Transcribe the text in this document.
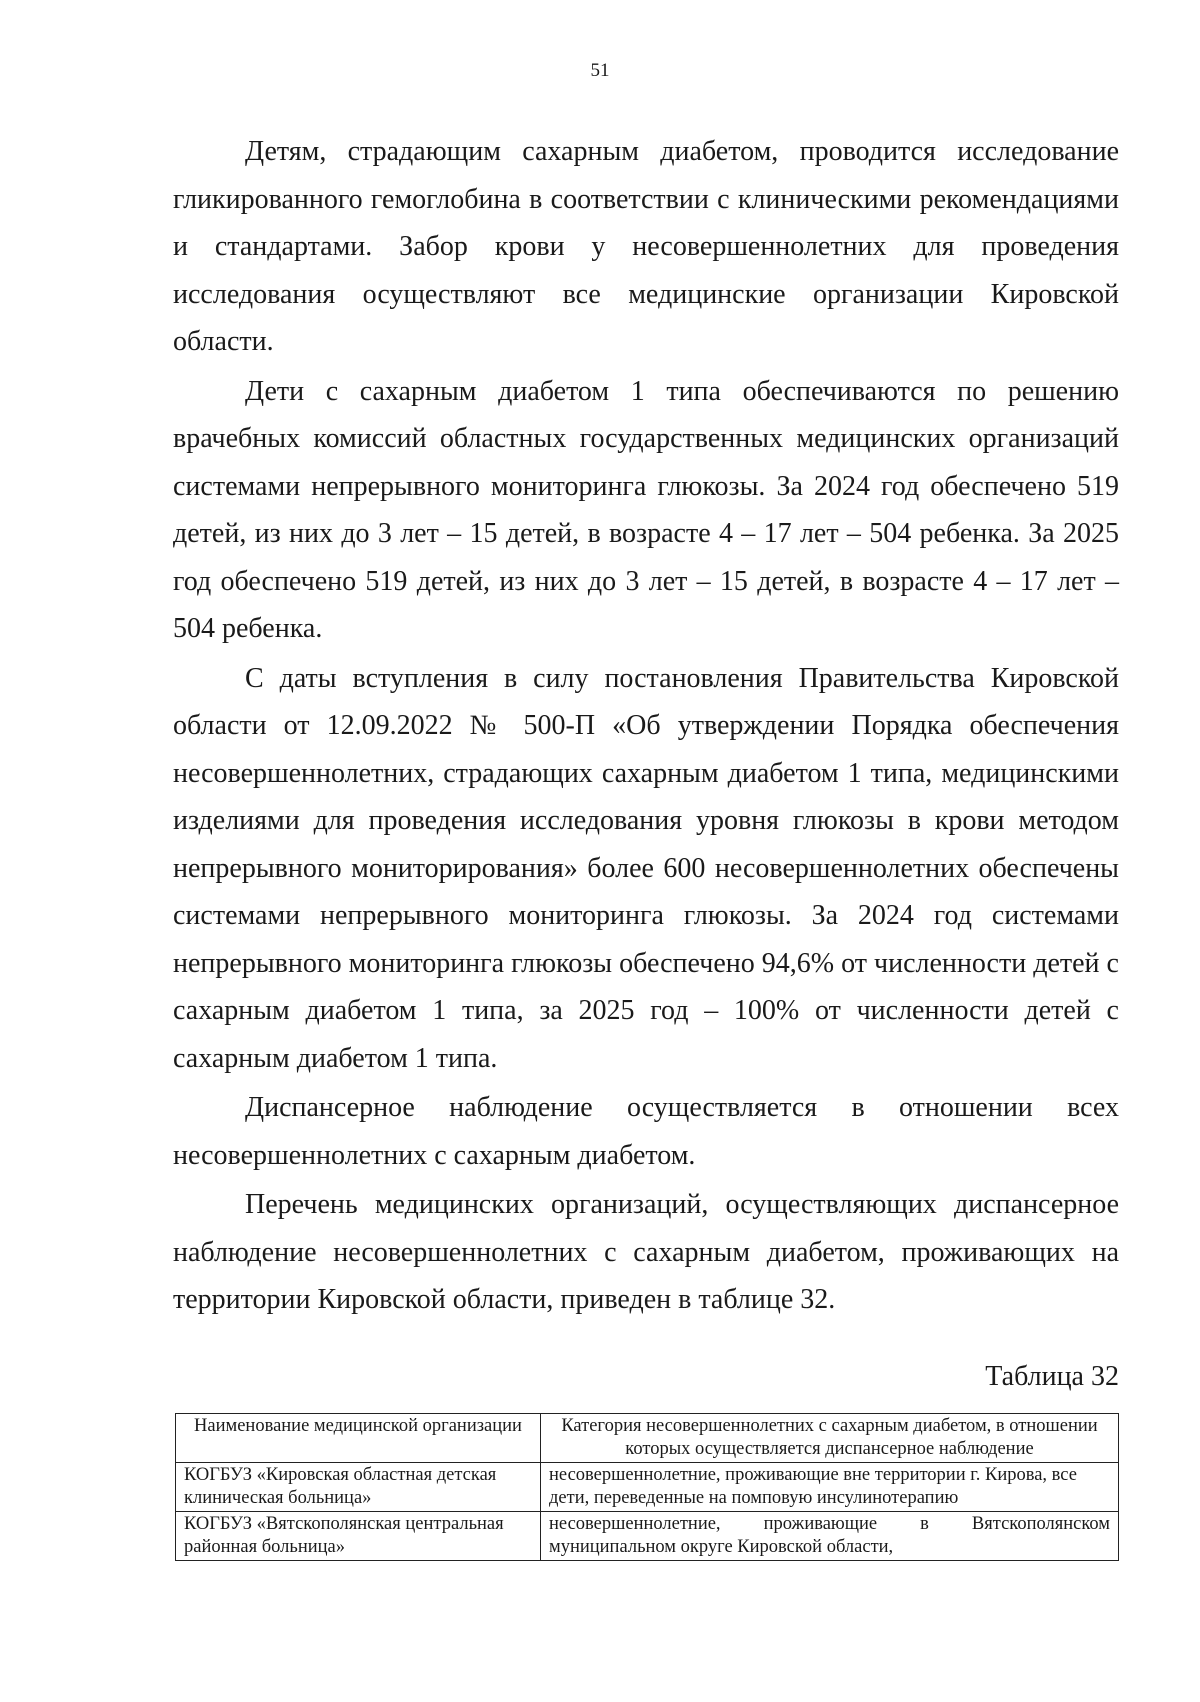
51

Детям, страдающим сахарным диабетом, проводится исследование гликированного гемоглобина в соответствии с клиническими рекомендациями и стандартами. Забор крови у несовершеннолетних для проведения исследования осуществляют все медицинские организации Кировской области.

Дети с сахарным диабетом 1 типа обеспечиваются по решению врачебных комиссий областных государственных медицинских организаций системами непрерывного мониторинга глюкозы. За 2024 год обеспечено 519 детей, из них до 3 лет – 15 детей, в возрасте 4 – 17 лет – 504 ребенка. За 2025 год обеспечено 519 детей, из них до 3 лет – 15 детей, в возрасте 4 – 17 лет – 504 ребенка.

С даты вступления в силу постановления Правительства Кировской области от 12.09.2022 № 500-П «Об утверждении Порядка обеспечения несовершеннолетних, страдающих сахарным диабетом 1 типа, медицинскими изделиями для проведения исследования уровня глюкозы в крови методом непрерывного мониторирования» более 600 несовершеннолетних обеспечены системами непрерывного мониторинга глюкозы. За 2024 год системами непрерывного мониторинга глюкозы обеспечено 94,6% от численности детей с сахарным диабетом 1 типа, за 2025 год – 100% от численности детей с сахарным диабетом 1 типа.

Диспансерное наблюдение осуществляется в отношении всех несовершеннолетних с сахарным диабетом.

Перечень медицинских организаций, осуществляющих диспансерное наблюдение несовершеннолетних с сахарным диабетом, проживающих на территории Кировской области, приведен в таблице 32.

Таблица 32
Наименование медицинской организации	Категория несовершеннолетних с сахарным диабетом, в отношении которых осуществляется диспансерное наблюдение
КОГБУЗ «Кировская областная детская клиническая больница»	несовершеннолетние, проживающие вне территории г. Кирова, все дети, переведенные на помповую инсулинотерапию
КОГБУЗ «Вятскополянская центральная районная больница»	несовершеннолетние, проживающие в Вятскополянском муниципальном округе Кировской области,
